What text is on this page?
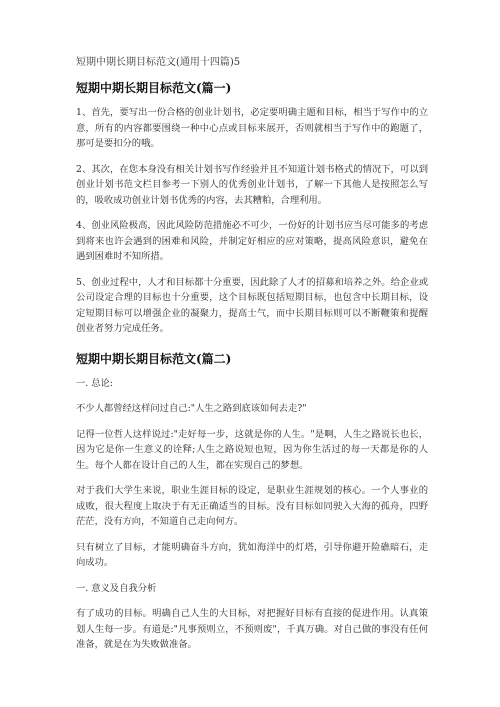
短期中期长期目标范文(通用十四篇)5
短期中期长期目标范文(篇一)

1、首先，要写出一份合格的创业计划书，必定要明确主题和目标，相当于写作中的立意，所有的内容都要围绕一种中心点或目标来展开，否则就相当于写作中的跑题了，那可是要扣分的哦。

2、其次，在您本身没有相关计划书写作经验并且不知道计划书格式的情况下，可以到创业计划书范文栏目参考一下别人的优秀创业计划书，了解一下其他人是按照怎么写的，吸收成功创业计划书优秀的内容，去其糟粕，合理利用。

4、创业风险极高，因此风险防范措施必不可少，一份好的计划书应当尽可能多的考虑到将来也许会遇到的困难和风险，并制定好相应的应对策略，提高风险意识，避免在遇到困难时不知所措。

5、创业过程中，人才和目标都十分重要，因此除了人才的招募和培养之外。给企业或公司设定合理的目标也十分重要，这个目标既包括短期目标，也包含中长期目标，设定短期目标可以增强企业的凝聚力，提高士气，而中长期目标则可以不断鞭策和提醒创业者努力完成任务。

短期中期长期目标范文(篇二)

一. 总论:

不少人都曾经这样问过自己:"人生之路到底该如何去走?"

记得一位哲人这样说过:"走好每一步，这就是你的人生。"是啊，人生之路说长也长，因为它是你一生意义的诠释;人生之路说短也短，因为你生活过的每一天都是你的人生。每个人都在设计自己的人生，都在实现自己的梦想。

对于我们大学生来说，职业生涯目标的设定，是职业生涯规划的核心。一个人事业的成败，很大程度上取决于有无正确适当的目标。没有目标如同驶入大海的孤舟，四野茫茫，没有方向，不知道自己走向何方。

只有树立了目标，才能明确奋斗方向，犹如海洋中的灯塔，引导你避开险礁暗石，走向成功。

一. 意义及自我分析

有了成功的目标。明确自己人生的大目标，对把握好目标有直接的促进作用。认真策划人生每一步。有道是:"凡事预则立，不预则废"，千真万确。对自己做的事没有任何准备，就是在为失败做准备。
